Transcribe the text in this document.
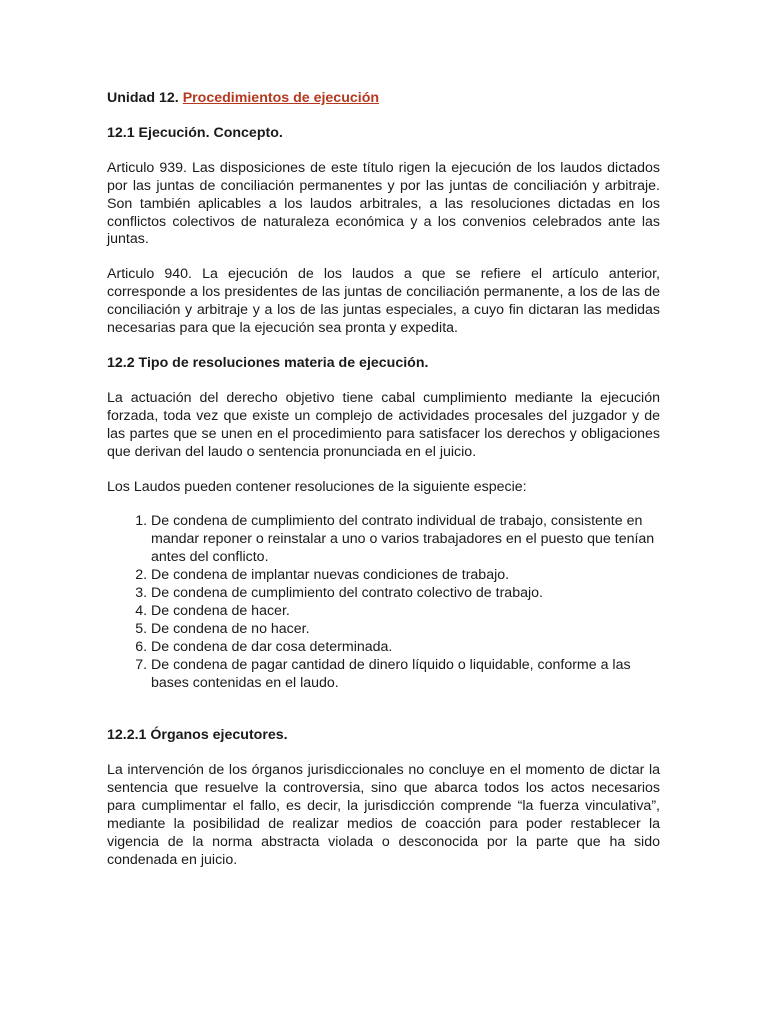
Unidad 12. Procedimientos de ejecución
12.1 Ejecución. Concepto.

Articulo 939. Las disposiciones de este título rigen la ejecución de los laudos dictados por las juntas de conciliación permanentes y por las juntas de conciliación y arbitraje. Son también aplicables a los laudos arbitrales, a las resoluciones dictadas en los conflictos colectivos de naturaleza económica y a los convenios celebrados ante las juntas.

Articulo 940. La ejecución de los laudos a que se refiere el artículo anterior, corresponde a los presidentes de las juntas de conciliación permanente, a los de las de conciliación y arbitraje y a los de las juntas especiales, a cuyo fin dictaran las medidas necesarias para que la ejecución sea pronta y expedita.

12.2 Tipo de resoluciones materia de ejecución.

La actuación del derecho objetivo tiene cabal cumplimiento mediante la ejecución forzada, toda vez que existe un complejo de actividades procesales del juzgador y de las partes que se unen en el procedimiento para satisfacer los derechos y obligaciones que derivan del laudo o sentencia pronunciada en el juicio.

Los Laudos pueden contener resoluciones de la siguiente especie:

1. De condena de cumplimiento del contrato individual de trabajo, consistente en mandar reponer o reinstalar a uno o varios trabajadores en el puesto que tenían antes del conflicto.
2. De condena de implantar nuevas condiciones de trabajo.
3. De condena de cumplimiento del contrato colectivo de trabajo.
4. De condena de hacer.
5. De condena de no hacer.
6. De condena de dar cosa determinada.
7. De condena de pagar cantidad de dinero líquido o liquidable, conforme a las bases contenidas en el laudo.
12.2.1 Órganos ejecutores.

La intervención de los órganos jurisdiccionales no concluye en el momento de dictar la sentencia que resuelve la controversia, sino que abarca todos los actos necesarios para cumplimentar el fallo, es decir, la jurisdicción comprende “la fuerza vinculativa”, mediante la posibilidad de realizar medios de coacción para poder restablecer la vigencia de la norma abstracta violada o desconocida por la parte que ha sido condenada en juicio.
